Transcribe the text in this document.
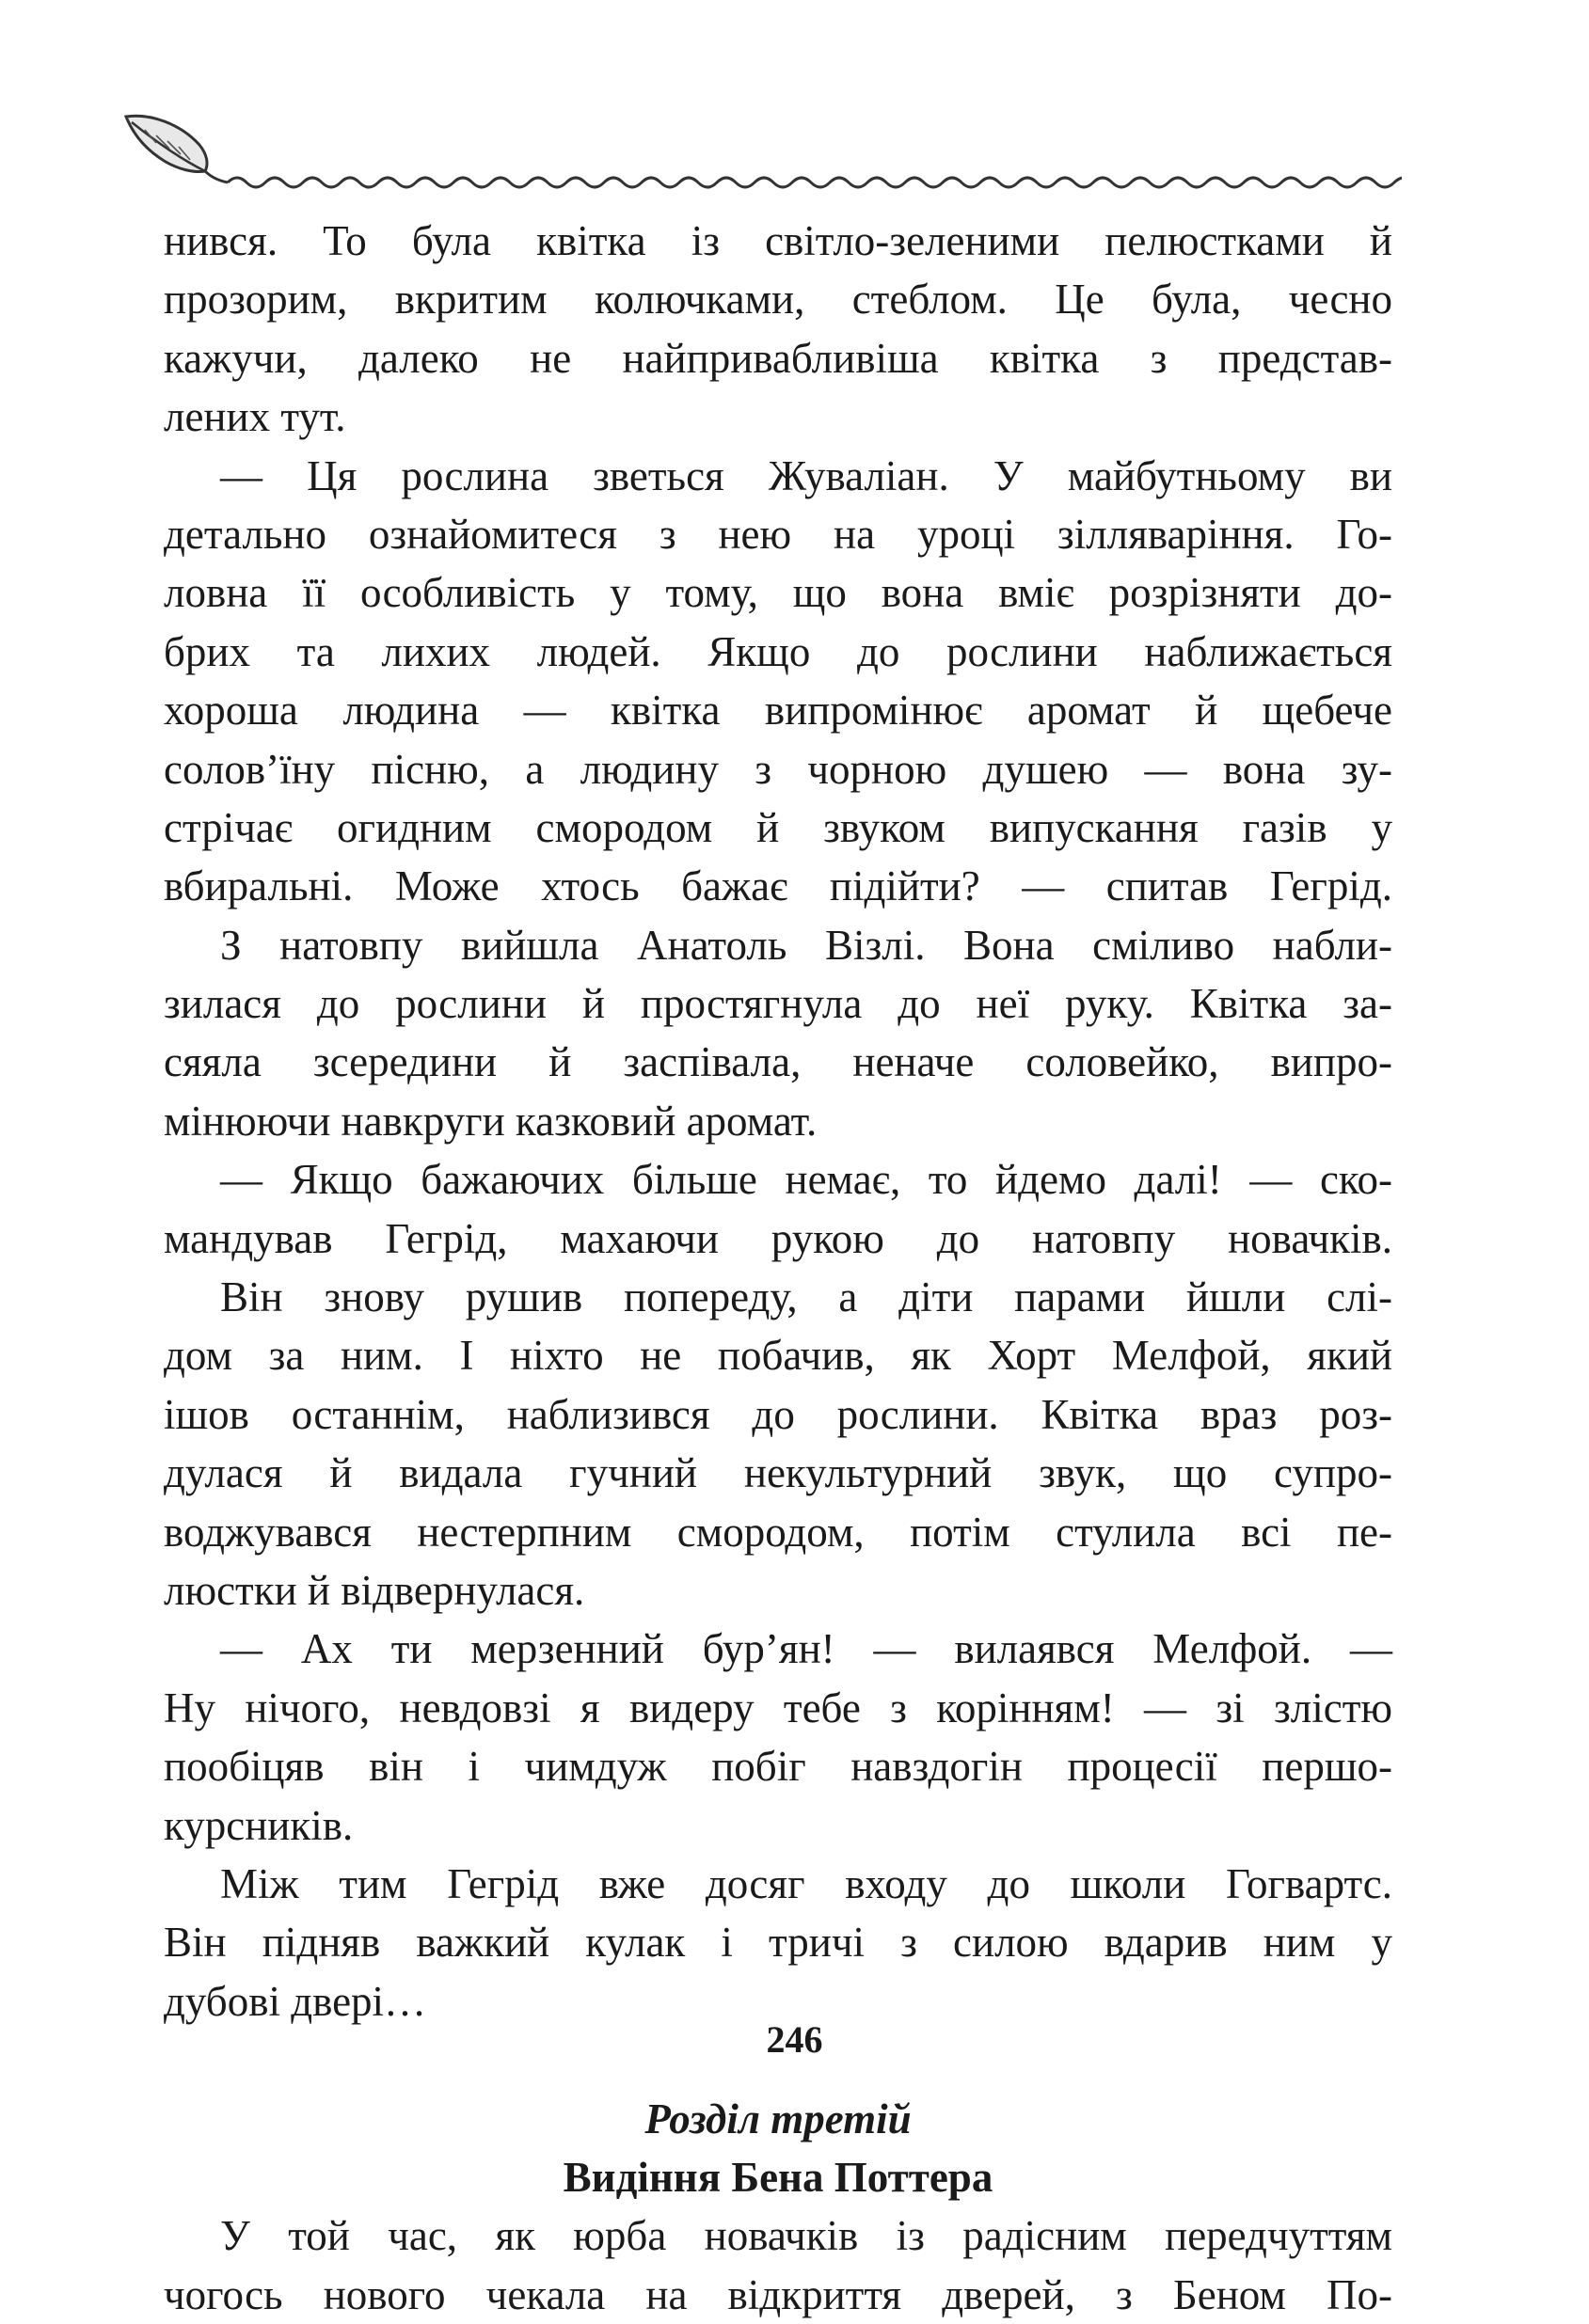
нився. То була квітка із світло-зеленими пелюстками й
прозорим, вкритим колючками, стеблом. Це була, чесно
кажучи, далеко не найпривабливіша квітка з представ-
лених тут.
— Ця рослина зветься Жуваліан. У майбутньому ви
детально ознайомитеся з нею на уроці зілляваріння. Го-
ловна її особливість у тому, що вона вміє розрізняти до-
брих та лихих людей. Якщо до рослини наближається
хороша людина — квітка випромінює аромат й щебече
солов’їну пісню, а людину з чорною душею — вона зу-
стрічає огидним смородом й звуком випускання газів у
вбиральні. Може хтось бажає підійти? — спитав Гегрід.
З натовпу вийшла Анатоль Візлі. Вона сміливо набли-
зилася до рослини й простягнула до неї руку. Квітка за-
сяяла зсередини й заспівала, неначе соловейко, випро-
мінюючи навкруги казковий аромат.
— Якщо бажаючих більше немає, то йдемо далі! — ско-
мандував Гегрід, махаючи рукою до натовпу новачків.
Він знову рушив попереду, а діти парами йшли слі-
дом за ним. І ніхто не побачив, як Хорт Мелфой, який
ішов останнім, наблизився до рослини. Квітка враз роз-
дулася й видала гучний некультурний звук, що супро-
воджувався нестерпним смородом, потім стулила всі пе-
люстки й відвернулася.
— Ах ти мерзенний бур’ян! — вилаявся Мелфой. —
Ну нічого, невдовзі я видеру тебе з корінням! — зі злістю
пообіцяв він і чимдуж побіг навздогін процесії першо-
курсників.
Між тим Гегрід вже досяг входу до школи Гогвартс.
Він підняв важкий кулак і тричі з силою вдарив ним у
дубові двері…
Розділ третій
Видіння Бена Поттера
У той час, як юрба новачків із радісним передчуттям
чогось нового чекала на відкриття дверей, з Беном По-
246
